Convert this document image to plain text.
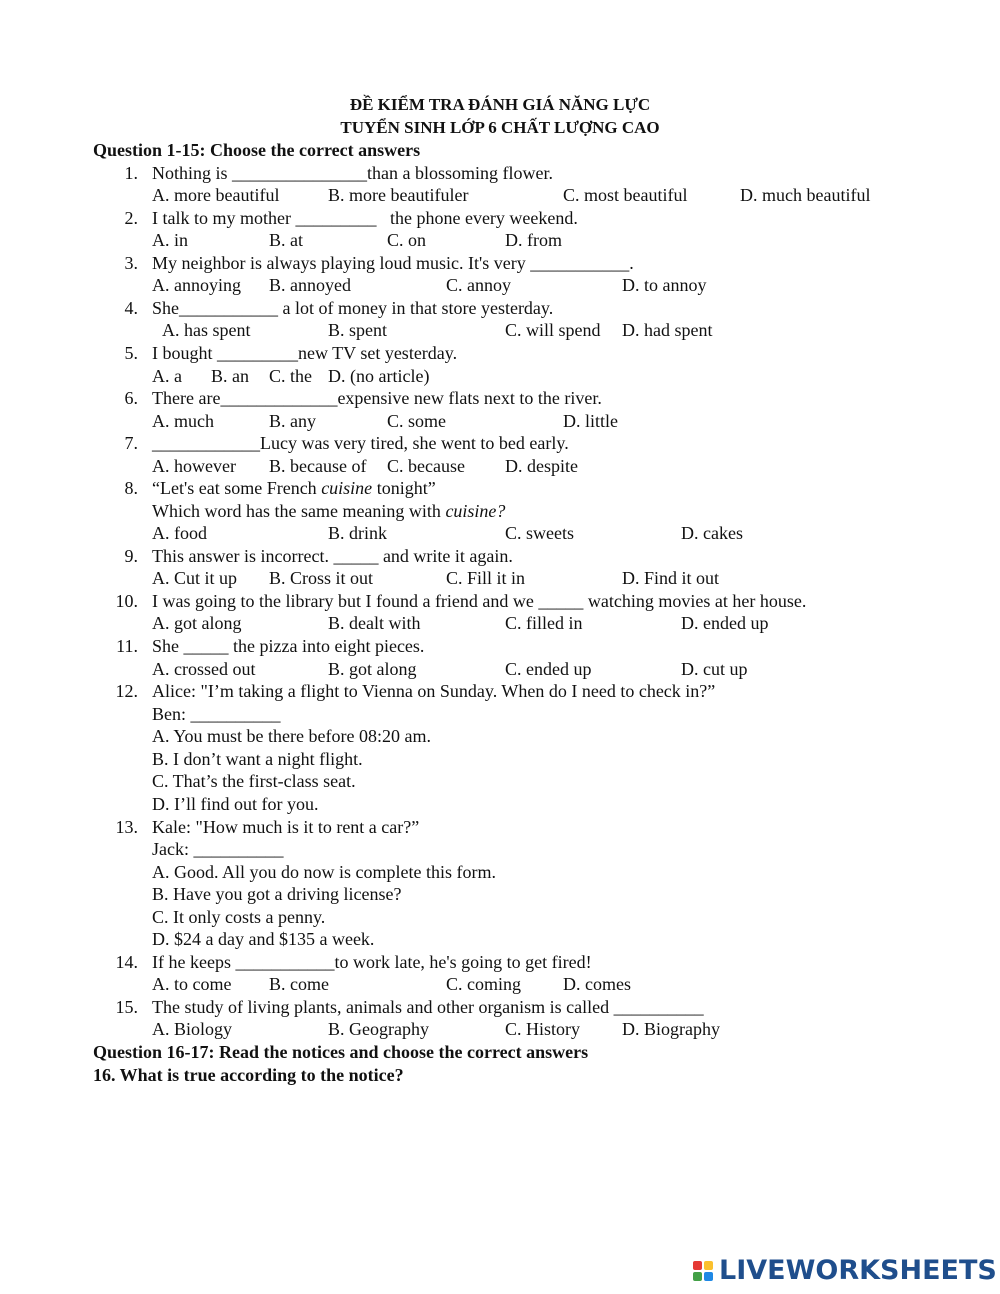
ĐỀ KIỂM TRA ĐÁNH GIÁ NĂNG LỰC
TUYỂN SINH LỚP 6 CHẤT LƯỢNG CAO
Question 1-15: Choose the correct answers
1. Nothing is _______________than a blossoming flower.
A. more beautiful	B. more beautifuler	C. most beautiful	D. much beautiful
2. I talk to my mother _________   the phone every weekend.
A. in	B. at	C. on	D. from
3. My neighbor is always playing loud music. It's very ___________.
A. annoying B. annoyed	C. annoy	D. to annoy
4. She___________ a lot of money in that store yesterday.
A. has spent	B. spent	C. will spend D. had spent
5. I bought _________new TV set yesterday.
A. a B. an C. the D. (no article)
6. There are_____________expensive new flats next to the river.
A. much	B. any	C. some	D. little
7. ____________Lucy was very tired, she went to bed early.
A. however B. because of C. because D. despite
8. “Let's eat some French cuisine tonight”
Which word has the same meaning with cuisine?
A. food	B. drink	C. sweets	D. cakes
9. This answer is incorrect. _____ and write it again.
A. Cut it up B. Cross it out	C. Fill it in	D. Find it out
10. I was going to the library but I found a friend and we _____ watching movies at her house.
A. got along	B. dealt with	C. filled in	D. ended up
11. She _____ the pizza into eight pieces.
A. crossed out	B. got along	C. ended up	D. cut up
12. Alice: "I’m taking a flight to Vienna on Sunday. When do I need to check in?”
Ben: __________
A. You must be there before 08:20 am.
B. I don’t want a night flight.
C. That’s the first-class seat.
D. I’ll find out for you.
13. Kale: "How much is it to rent a car?”
Jack: __________
A. Good. All you do now is complete this form.
B. Have you got a driving license?
C. It only costs a penny.
D. $24 a day and $135 a week.
14. If he keeps ___________to work late, he's going to get fired!
A. to come B. come	C. coming D. comes
15. The study of living plants, animals and other organism is called __________
A. Biology	B. Geography	C. History D. Biography
Question 16-17: Read the notices and choose the correct answers
16. What is true according to the notice?
LIVEWORKSHEETS
